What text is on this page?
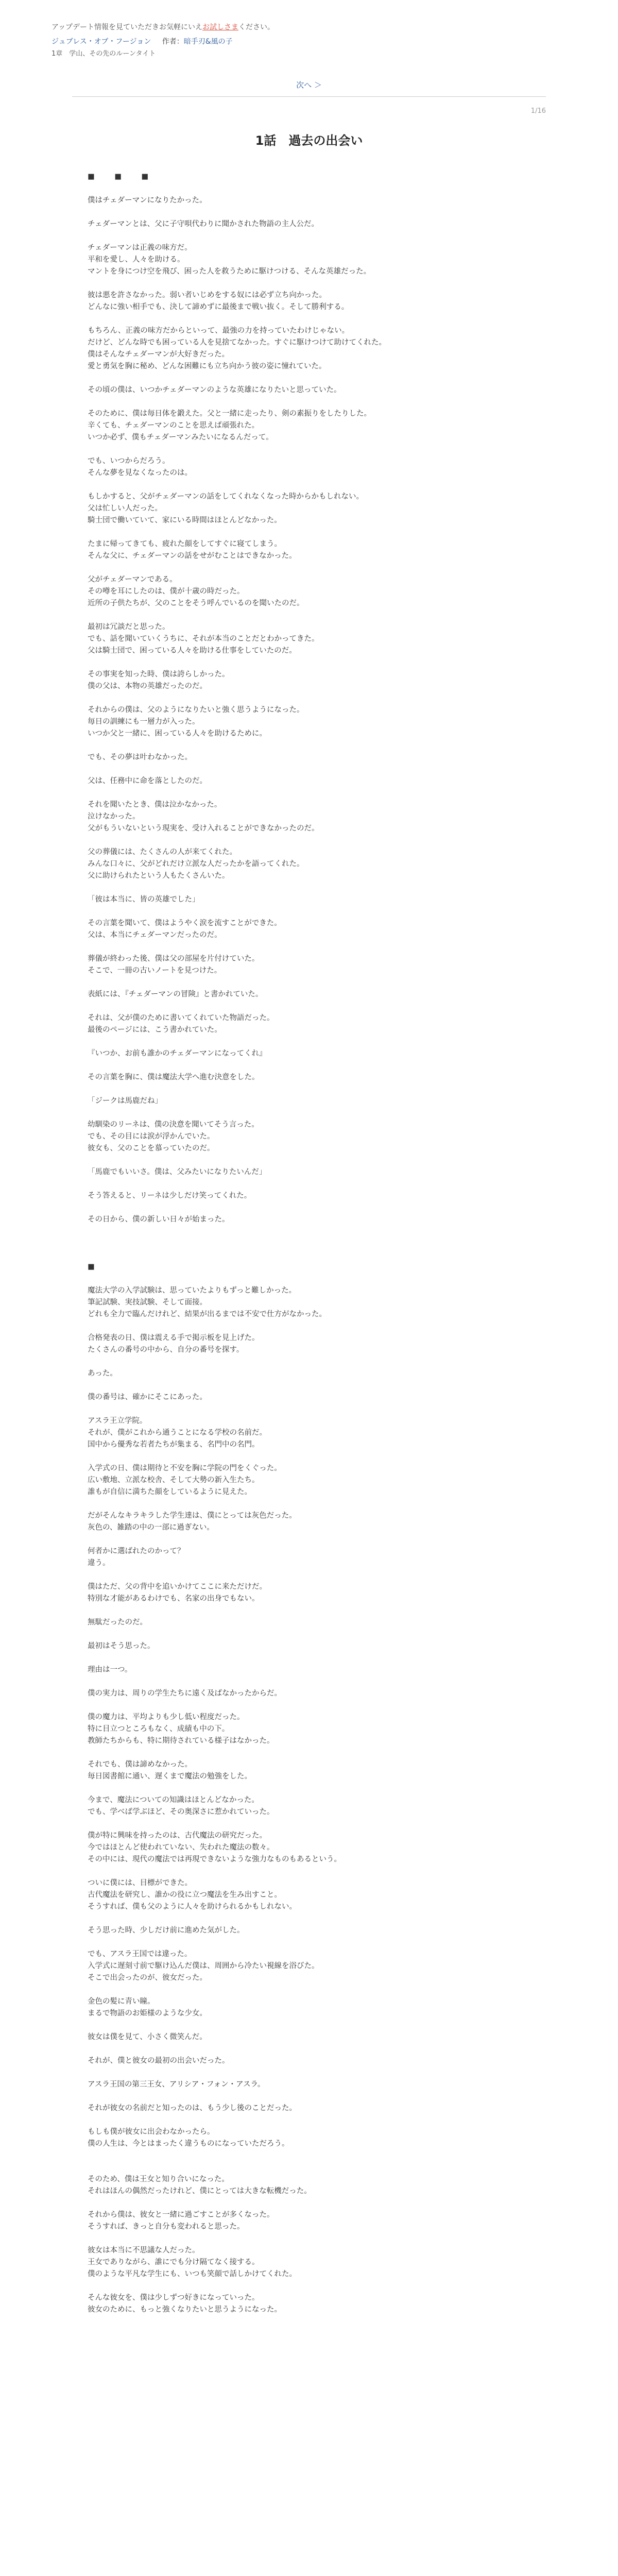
アップデート情報を見ていただきお気軽にいえお試しさまください。
ジュブレス・オブ・フージョン 作者：暗手刃&風の子
1章　学山、その先のルーンタイト
次へ ＞
1/16
1話　過去の出会い
■　■　■
僕はチェダーマンになりたかった。
チェダーマンとは、父に子守唄代わりに聞かされた物語の主人公だ。
チェダーマンは正義の味方だ。
平和を愛し、人々を助ける。
マントを身につけ空を飛び、困った人を救うために駆けつける、そんな英雄だった。
彼は悪を許さなかった。弱い者いじめをする奴には必ず立ち向かった。
どんなに強い相手でも、決して諦めずに最後まで戦い抜く。そして勝利する。
もちろん、正義の味方だからといって、最強の力を持っていたわけじゃない。
だけど、どんな時でも困っている人を見捨てなかった。すぐに駆けつけて助けてくれた。
僕はそんなチェダーマンが大好きだった。
愛と勇気を胸に秘め、どんな困難にも立ち向かう彼の姿に憧れていた。
その頃の僕は、いつかチェダーマンのような英雄になりたいと思っていた。
そのために、僕は毎日体を鍛えた。父と一緒に走ったり、剣の素振りをしたりした。
辛くても、チェダーマンのことを思えば頑張れた。
いつか必ず、僕もチェダーマンみたいになるんだって。
でも、いつからだろう。
そんな夢を見なくなったのは。
もしかすると、父がチェダーマンの話をしてくれなくなった時からかもしれない。
父は忙しい人だった。
騎士団で働いていて、家にいる時間はほとんどなかった。
たまに帰ってきても、疲れた顔をしてすぐに寝てしまう。
そんな父に、チェダーマンの話をせがむことはできなかった。
父がチェダーマンである。
その噂を耳にしたのは、僕が十歳の時だった。
近所の子供たちが、父のことをそう呼んでいるのを聞いたのだ。
最初は冗談だと思った。
でも、話を聞いていくうちに、それが本当のことだとわかってきた。
父は騎士団で、困っている人々を助ける仕事をしていたのだ。
その事実を知った時、僕は誇らしかった。
僕の父は、本物の英雄だったのだ。
それからの僕は、父のようになりたいと強く思うようになった。
毎日の訓練にも一層力が入った。
いつか父と一緒に、困っている人々を助けるために。
でも、その夢は叶わなかった。
父は、任務中に命を落としたのだ。
それを聞いたとき、僕は泣かなかった。
泣けなかった。
父がもういないという現実を、受け入れることができなかったのだ。
父の葬儀には、たくさんの人が来てくれた。
みんな口々に、父がどれだけ立派な人だったかを語ってくれた。
父に助けられたという人もたくさんいた。
「彼は本当に、皆の英雄でした」
その言葉を聞いて、僕はようやく涙を流すことができた。
父は、本当にチェダーマンだったのだ。
葬儀が終わった後、僕は父の部屋を片付けていた。
そこで、一冊の古いノートを見つけた。
表紙には、『チェダーマンの冒険』と書かれていた。
それは、父が僕のために書いてくれていた物語だった。
最後のページには、こう書かれていた。
『いつか、お前も誰かのチェダーマンになってくれ』
その言葉を胸に、僕は魔法大学へ進む決意をした。
「ジークは馬鹿だね」
幼馴染のリーネは、僕の決意を聞いてそう言った。
でも、その目には涙が浮かんでいた。
彼女も、父のことを慕っていたのだ。
「馬鹿でもいいさ。僕は、父みたいになりたいんだ」
そう答えると、リーネは少しだけ笑ってくれた。
その日から、僕の新しい日々が始まった。
■
魔法大学の入学試験は、思っていたよりもずっと難しかった。
筆記試験、実技試験、そして面接。
どれも全力で臨んだけれど、結果が出るまでは不安で仕方がなかった。
合格発表の日、僕は震える手で掲示板を見上げた。
たくさんの番号の中から、自分の番号を探す。
あった。
僕の番号は、確かにそこにあった。
アスラ王立学院。
それが、僕がこれから通うことになる学校の名前だ。
国中から優秀な若者たちが集まる、名門中の名門。
入学式の日、僕は期待と不安を胸に学院の門をくぐった。
広い敷地、立派な校舎、そして大勢の新入生たち。
誰もが自信に満ちた顔をしているように見えた。
だがそんなキラキラした学生達は、僕にとっては灰色だった。
灰色の、雑踏の中の一部に過ぎない。
何者かに選ばれたのかって？
違う。
僕はただ、父の背中を追いかけてここに来ただけだ。
特別な才能があるわけでも、名家の出身でもない。
無駄だったのだ。
最初はそう思った。
理由は一つ。
僕の実力は、周りの学生たちに遠く及ばなかったからだ。
僕の魔力は、平均よりも少し低い程度だった。
特に目立つところもなく、成績も中の下。
教師たちからも、特に期待されている様子はなかった。
それでも、僕は諦めなかった。
毎日図書館に通い、遅くまで魔法の勉強をした。
今まで、魔法についての知識はほとんどなかった。
でも、学べば学ぶほど、その奥深さに惹かれていった。
僕が特に興味を持ったのは、古代魔法の研究だった。
今ではほとんど使われていない、失われた魔法の数々。
その中には、現代の魔法では再現できないような強力なものもあるという。
ついに僕には、目標ができた。
古代魔法を研究し、誰かの役に立つ魔法を生み出すこと。
そうすれば、僕も父のように人々を助けられるかもしれない。
そう思った時、少しだけ前に進めた気がした。
でも、アスラ王国では違った。
入学式に遅刻寸前で駆け込んだ僕は、周囲から冷たい視線を浴びた。
そこで出会ったのが、彼女だった。
金色の髪に青い瞳。
まるで物語のお姫様のような少女。
彼女は僕を見て、小さく微笑んだ。
それが、僕と彼女の最初の出会いだった。
アスラ王国の第三王女、アリシア・フォン・アスラ。
それが彼女の名前だと知ったのは、もう少し後のことだった。
もしも僕が彼女に出会わなかったら。
僕の人生は、今とはまったく違うものになっていただろう。
そのため、僕は王女と知り合いになった。
それはほんの偶然だったけれど、僕にとっては大きな転機だった。
それから僕は、彼女と一緒に過ごすことが多くなった。
そうすれば、きっと自分も変われると思った。
彼女は本当に不思議な人だった。
王女でありながら、誰にでも分け隔てなく接する。
僕のような平凡な学生にも、いつも笑顔で話しかけてくれた。
そんな彼女を、僕は少しずつ好きになっていった。
彼女のために、もっと強くなりたいと思うようになった。
